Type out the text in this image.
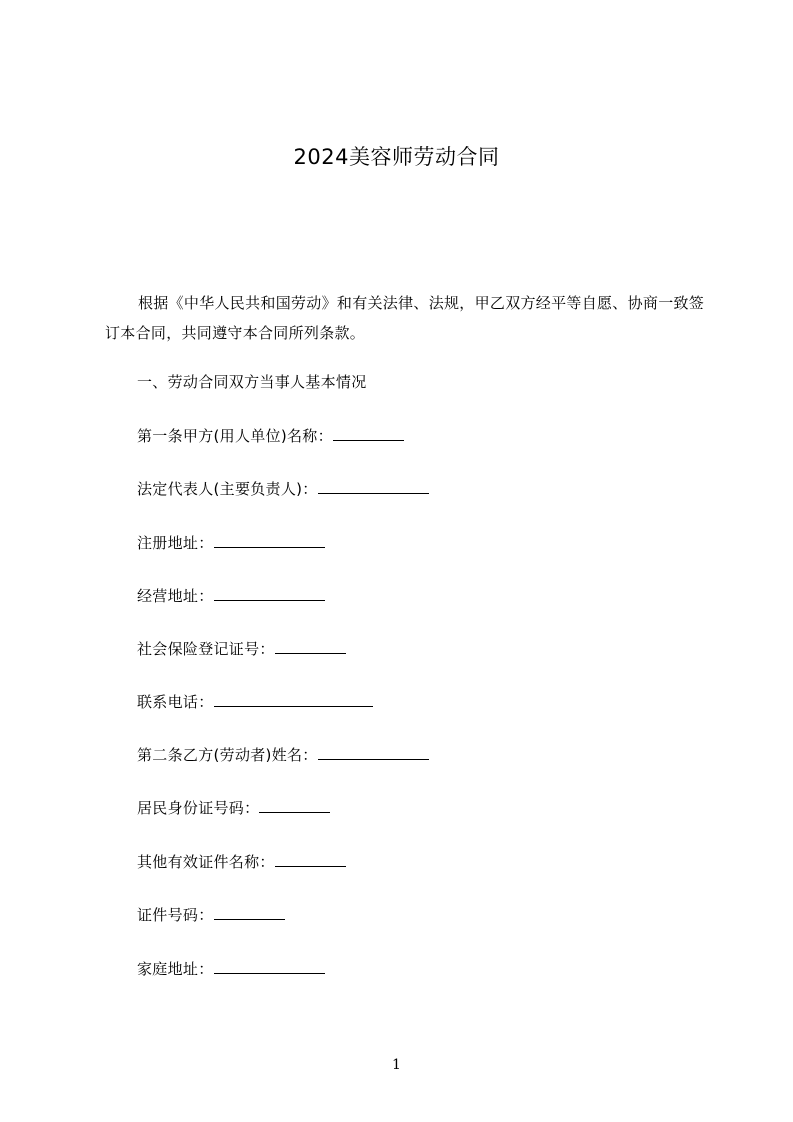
2024美容师劳动合同
根据《中华人民共和国劳动》和有关法律、法规，甲乙双方经平等自愿、协商一致签订本合同，共同遵守本合同所列条款。
一、劳动合同双方当事人基本情况
第一条甲方(用人单位)名称：
法定代表人(主要负责人)：
注册地址：
经营地址：
社会保险登记证号：
联系电话：
第二条乙方(劳动者)姓名：
居民身份证号码：
其他有效证件名称：
证件号码：
家庭地址：
1
